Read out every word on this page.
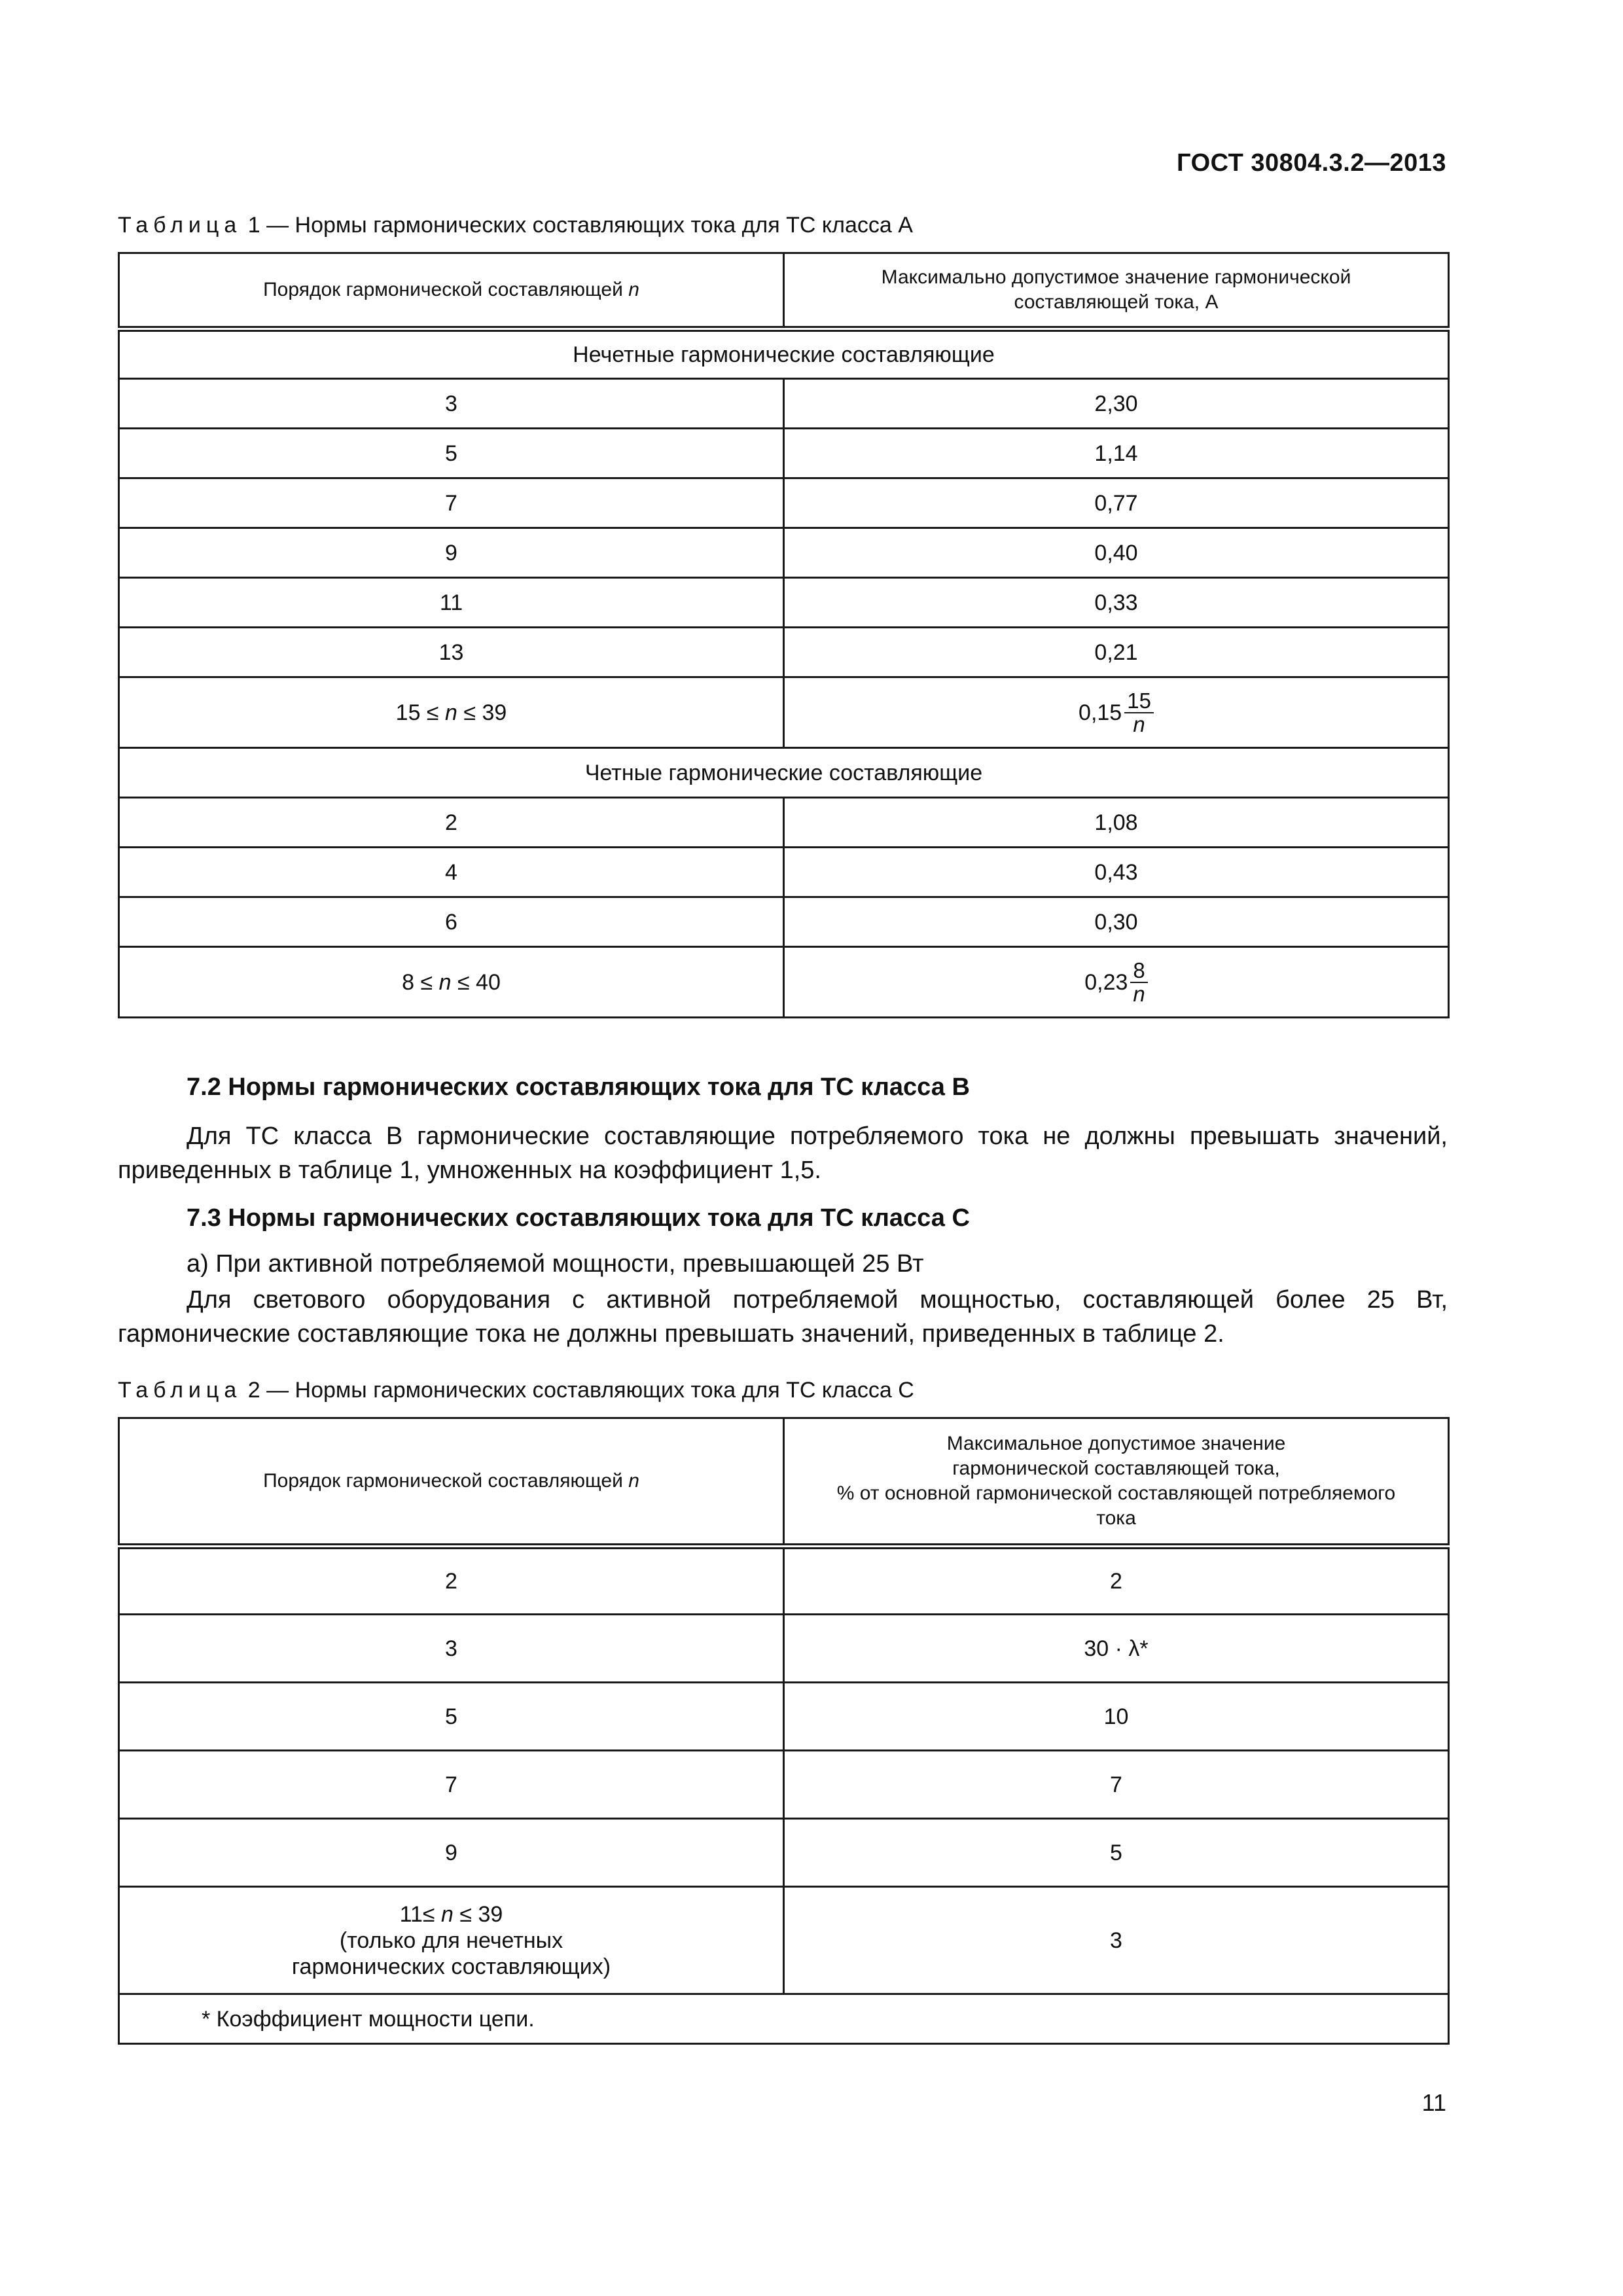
ГОСТ 30804.3.2—2013
Таблица 1 — Нормы гармонических составляющих тока для ТС класса А
Порядок гармонической составляющей n	Максимально допустимое значение гармонической
составляющей тока, А
Нечетные гармонические составляющие	
3	2,30
5	1,14
7	0,77
9	0,40
11	0,33
13	0,21
15 ≤ n ≤ 39	$0,15 \frac{15}{n}$

Четные гармонические составляющие	
2	1,08
4	0,43
6	0,30
8 ≤ n ≤ 40	$0,23 \frac{8}{n}$
7.2 Нормы гармонических составляющих тока для ТС класса В
Для ТС класса В гармонические составляющие потребляемого тока не должны превышать значений, приведенных в таблице 1, умноженных на коэффициент 1,5.
7.3 Нормы гармонических составляющих тока для ТС класса С
а) При активной потребляемой мощности, превышающей 25 Вт
Для светового оборудования с активной потребляемой мощностью, составляющей более 25 Вт, гармонические составляющие тока не должны превышать значений, приведенных в таблице 2.
Таблица 2 — Нормы гармонических составляющих тока для ТС класса С
Порядок гармонической составляющей n	Максимальное допустимое значение
гармонической составляющей тока,
% от основной гармонической составляющей потребляемого
тока
2	2
3	30 · λ*
5	10
7	7
9	5
11≤ n ≤ 39
(только для нечетных
гармонических составляющих)	3
* Коэффициент мощности цепи.	
11
